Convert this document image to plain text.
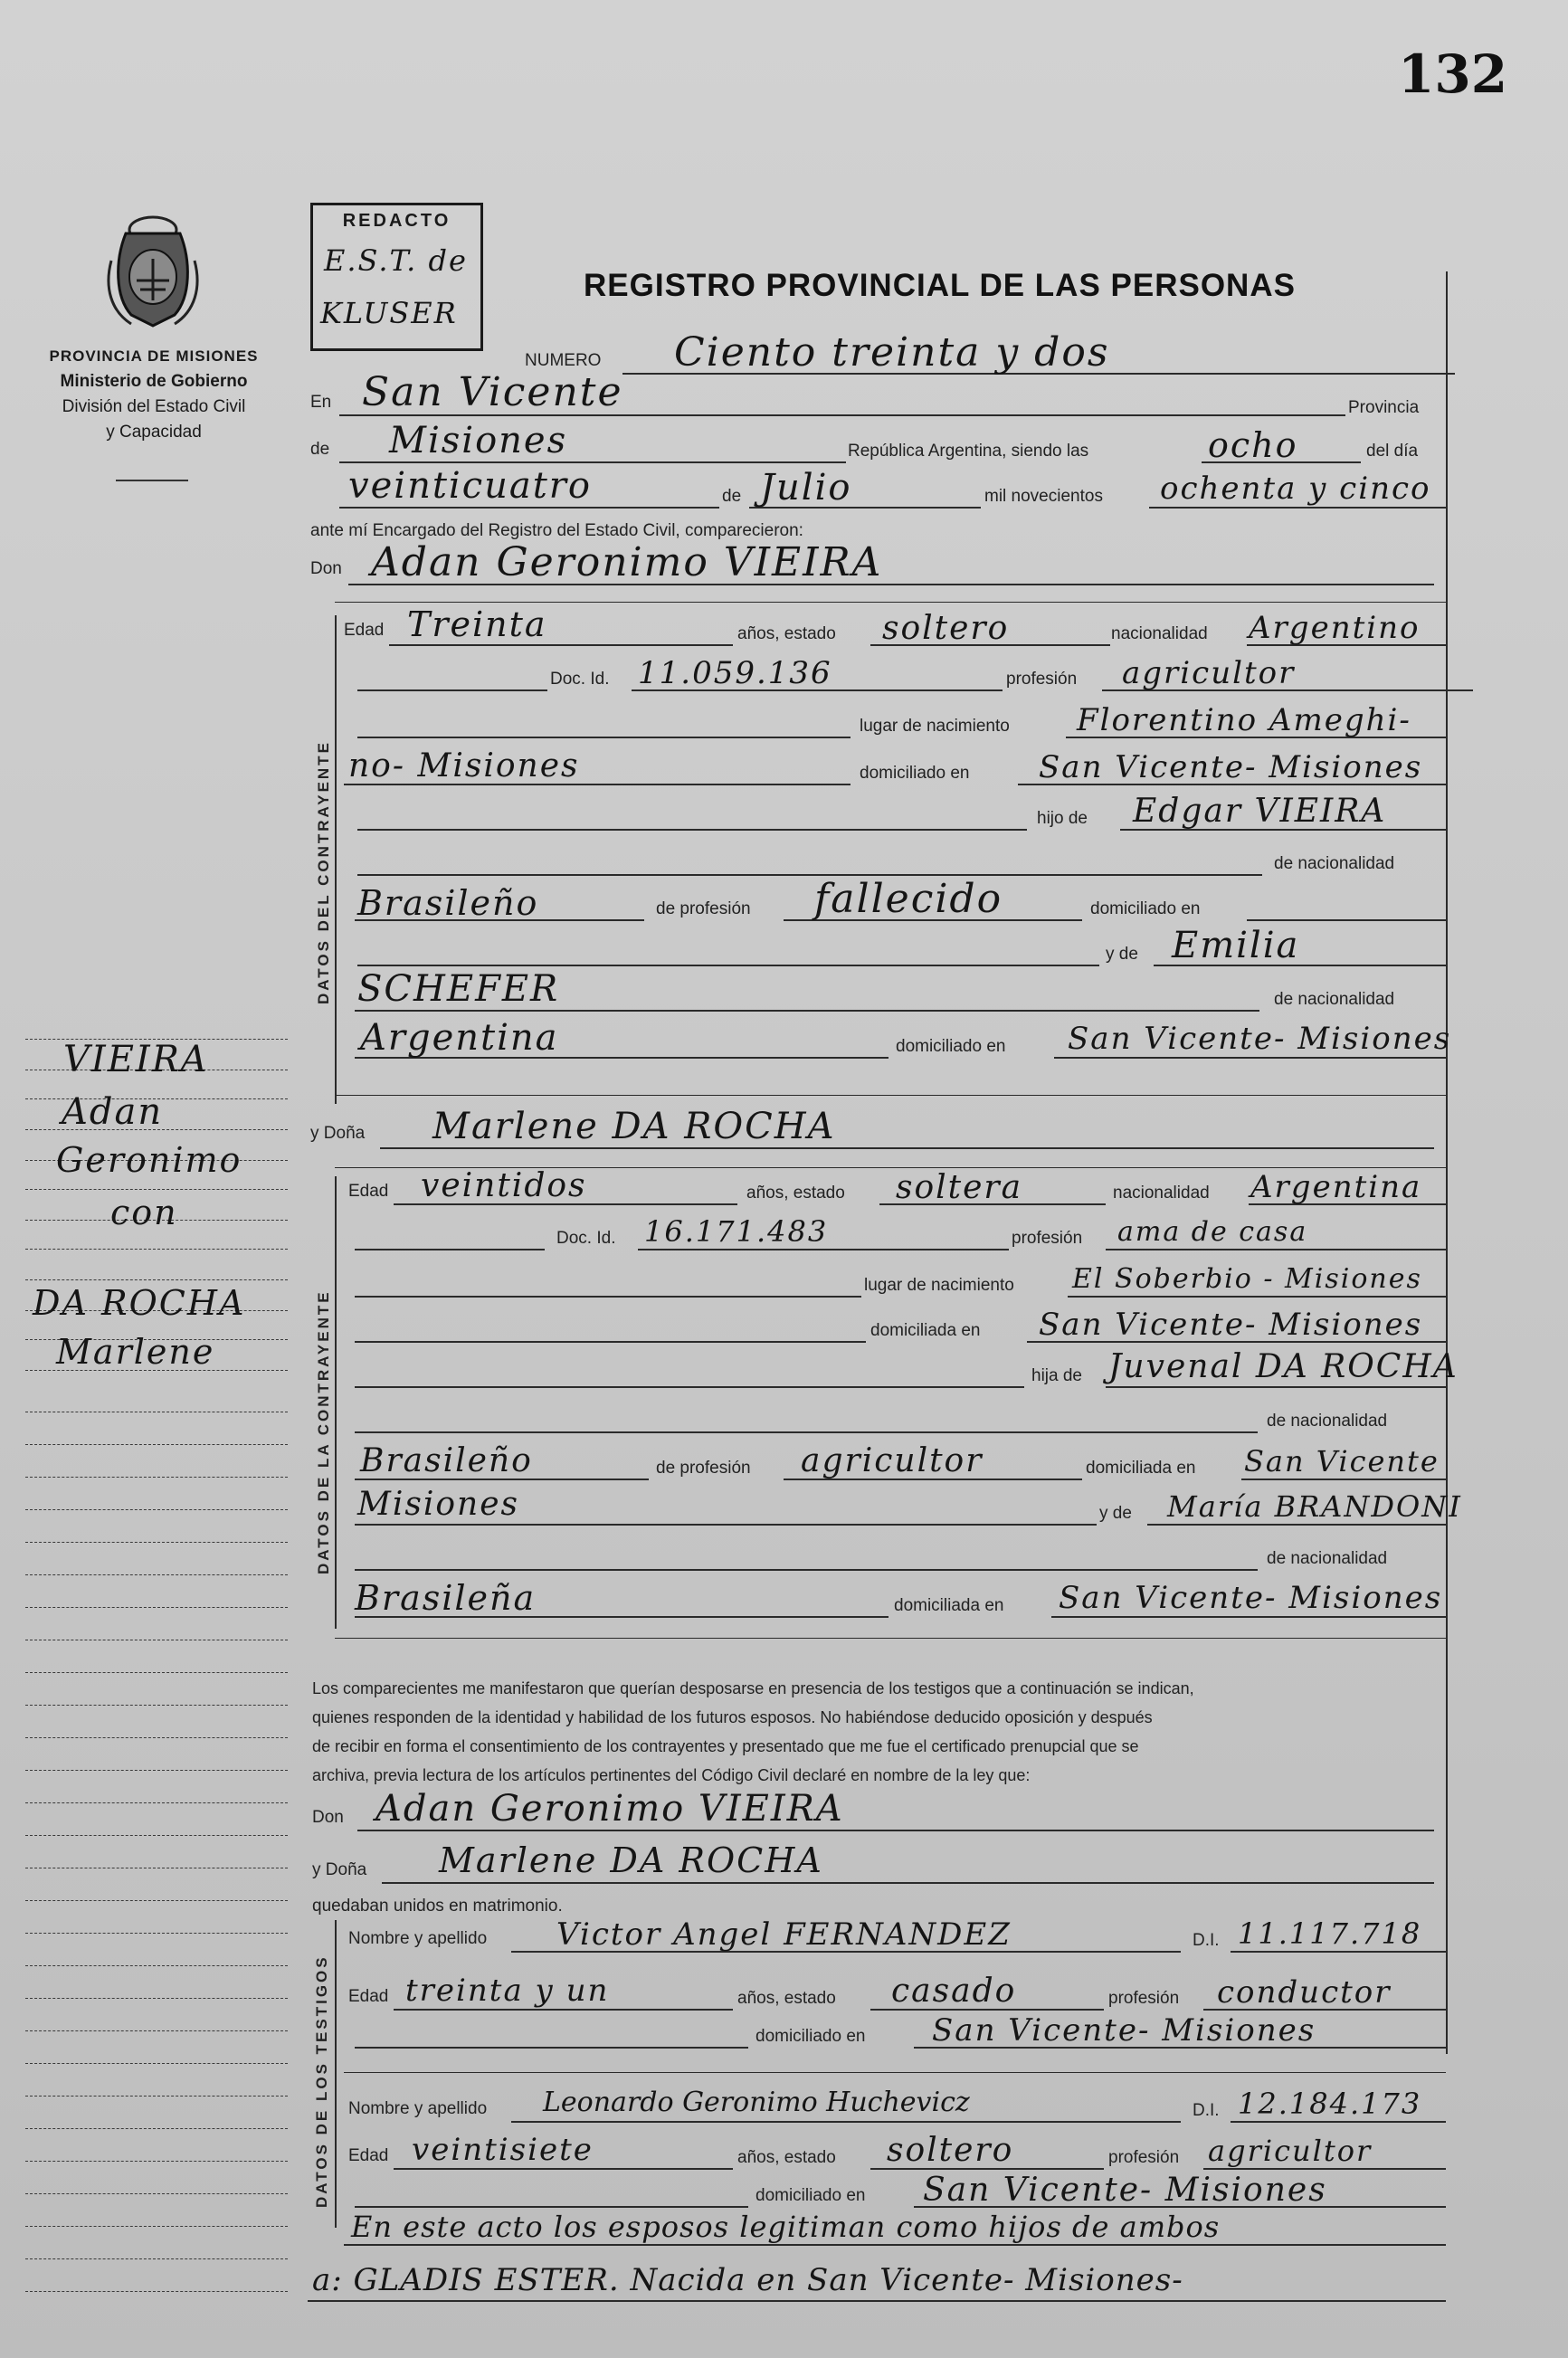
132
PROVINCIA DE MISIONES
Ministerio de Gobierno
División del Estado Civil
y Capacidad
REDACTO
E.S.T. de
KLUSER
REGISTRO PROVINCIAL DE LAS PERSONAS
NUMERO Ciento treinta y dos
En San Vicente	Provincia
de Misiones	República Argentina, siendo las	ocho	del día
veinticuatro	de Julio	mil novecientos ochenta y cinco
ante mí Encargado del Registro del Estado Civil, comparecieron:
Don Adan Geronimo VIEIRA
DATOS DEL CONTRAYENTE
Edad Treinta	años, estado soltero	nacionalidad Argentino
Doc. Id. 11.059.136	profesión agricultor
lugar de nacimiento Florentino Ameghi-
no- Misiones	domiciliado en San Vicente- Misiones
hijo de Edgar VIEIRA
de nacionalidad
Brasileño	de profesión fallecido	domiciliado en
y de Emilia
SCHEFER	de nacionalidad
Argentina	domiciliado en San Vicente- Misiones
y Doña Marlene DA ROCHA
DATOS DE LA CONTRAYENTE
Edad veintidos	años, estado soltera	nacionalidad Argentina
Doc. Id. 16.171.483	profesión ama de casa
lugar de nacimiento El Soberbio - Misiones
domiciliada en San Vicente- Misiones
hija de Juvenal DA ROCHA
de nacionalidad
Brasileño	de profesión agricultor	domiciliada en San Vicente
Misiones	y de María BRANDONI
de nacionalidad
Brasileña	domiciliada en San Vicente- Misiones
Los comparecientes me manifestaron que querían desposarse en presencia de los testigos que a continuación se indican,
quienes responden de la identidad y habilidad de los futuros esposos. No habiéndose deducido oposición y después
de recibir en forma el consentimiento de los contrayentes y presentado que me fue el certificado prenupcial que se
archiva, previa lectura de los artículos pertinentes del Código Civil declaré en nombre de la ley que:
Don Adan Geronimo VIEIRA
y Doña Marlene DA ROCHA
quedaban unidos en matrimonio.
DATOS DE LOS TESTIGOS
Nombre y apellido Victor Angel FERNANDEZ	D.I. 11.117.718
Edad treinta y un	años, estado casado	profesión conductor
domiciliado en San Vicente- Misiones
Nombre y apellido Leonardo Geronimo Huchevicz	D.I. 12.184.173
Edad veintisiete	años, estado soltero	profesión agricultor
domiciliado en San Vicente- Misiones
En este acto los esposos legitiman como hijos de ambos
a: GLADIS ESTER. Nacida en San Vicente- Misiones-
VIEIRA
Adan
Geronimo
con
DA ROCHA
Marlene
